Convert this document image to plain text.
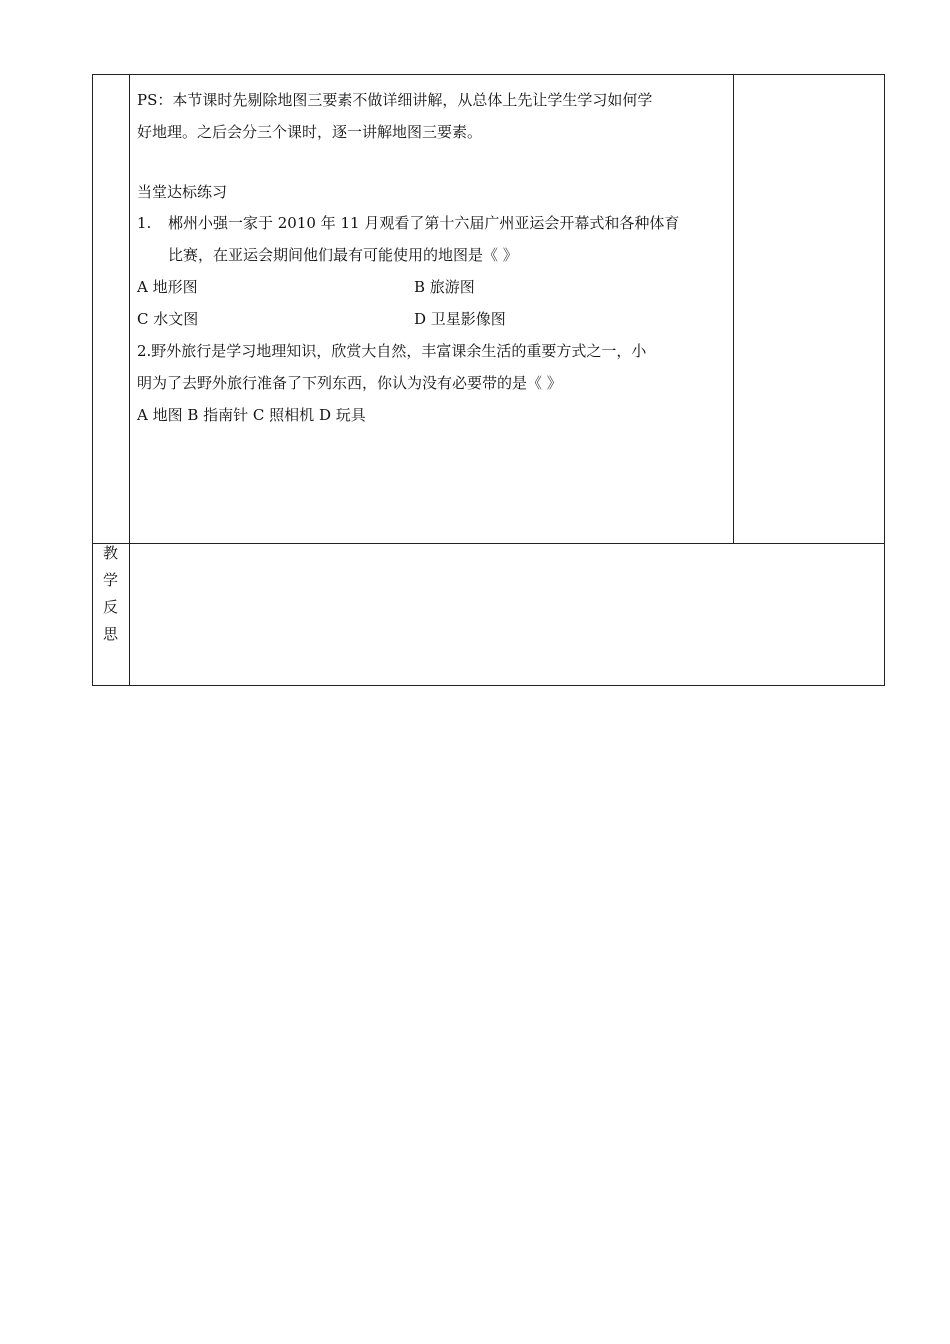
PS：本节课时先剔除地图三要素不做详细讲解，从总体上先让学生学习如何学
好地理。之后会分三个课时，逐一讲解地图三要素。
当堂达标练习
1. 郴州小强一家于 2010 年 11 月观看了第十六届广州亚运会开幕式和各种体育
比赛，在亚运会期间他们最有可能使用的地图是《 》
A 地形图	B 旅游图
C 水文图	D 卫星影像图
2.野外旅行是学习地理知识，欣赏大自然，丰富课余生活的重要方式之一，小
明为了去野外旅行准备了下列东西，你认为没有必要带的是《 》
A 地图 B 指南针 C 照相机 D 玩具
教
学
反
思
